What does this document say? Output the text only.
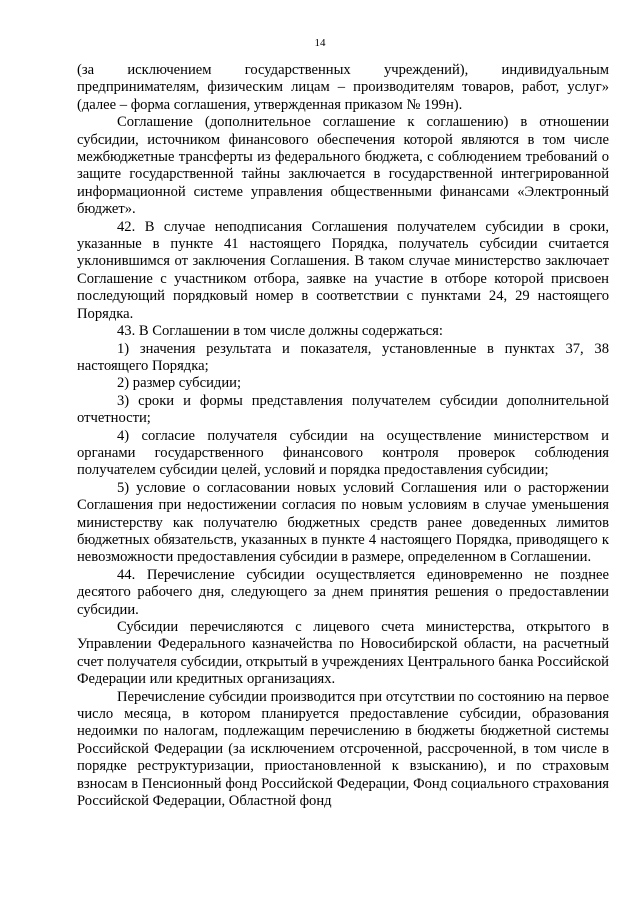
14

(за исключением государственных учреждений), индивидуальным предпринимателям, физическим лицам – производителям товаров, работ, услуг» (далее – форма соглашения, утвержденная приказом № 199н).

Соглашение (дополнительное соглашение к соглашению) в отношении субсидии, источником финансового обеспечения которой являются в том числе межбюджетные трансферты из федерального бюджета, с соблюдением требований о защите государственной тайны заключается в государственной интегрированной информационной системе управления общественными финансами «Электронный бюджет».

42. В случае неподписания Соглашения получателем субсидии в сроки, указанные в пункте 41 настоящего Порядка, получатель субсидии считается уклонившимся от заключения Соглашения. В таком случае министерство заключает Соглашение с участником отбора, заявке на участие в отборе которой присвоен последующий порядковый номер в соответствии с пунктами 24, 29 настоящего Порядка.

43. В Соглашении в том числе должны содержаться:

1) значения результата и показателя, установленные в пунктах 37, 38 настоящего Порядка;

2) размер субсидии;

3) сроки и формы представления получателем субсидии дополнительной отчетности;

4) согласие получателя субсидии на осуществление министерством и органами государственного финансового контроля проверок соблюдения получателем субсидии целей, условий и порядка предоставления субсидии;

5) условие о согласовании новых условий Соглашения или о расторжении Соглашения при недостижении согласия по новым условиям в случае уменьшения министерству как получателю бюджетных средств ранее доведенных лимитов бюджетных обязательств, указанных в пункте 4 настоящего Порядка, приводящего к невозможности предоставления субсидии в размере, определенном в Соглашении.

44. Перечисление субсидии осуществляется единовременно не позднее десятого рабочего дня, следующего за днем принятия решения о предоставлении субсидии.

Субсидии перечисляются с лицевого счета министерства, открытого в Управлении Федерального казначейства по Новосибирской области, на расчетный счет получателя субсидии, открытый в учреждениях Центрального банка Российской Федерации или кредитных организациях.

Перечисление субсидии производится при отсутствии по состоянию на первое число месяца, в котором планируется предоставление субсидии, образования недоимки по налогам, подлежащим перечислению в бюджеты бюджетной системы Российской Федерации (за исключением отсроченной, рассроченной, в том числе в порядке реструктуризации, приостановленной к взысканию), и по страховым взносам в Пенсионный фонд Российской Федерации, Фонд социального страхования Российской Федерации, Областной фонд
